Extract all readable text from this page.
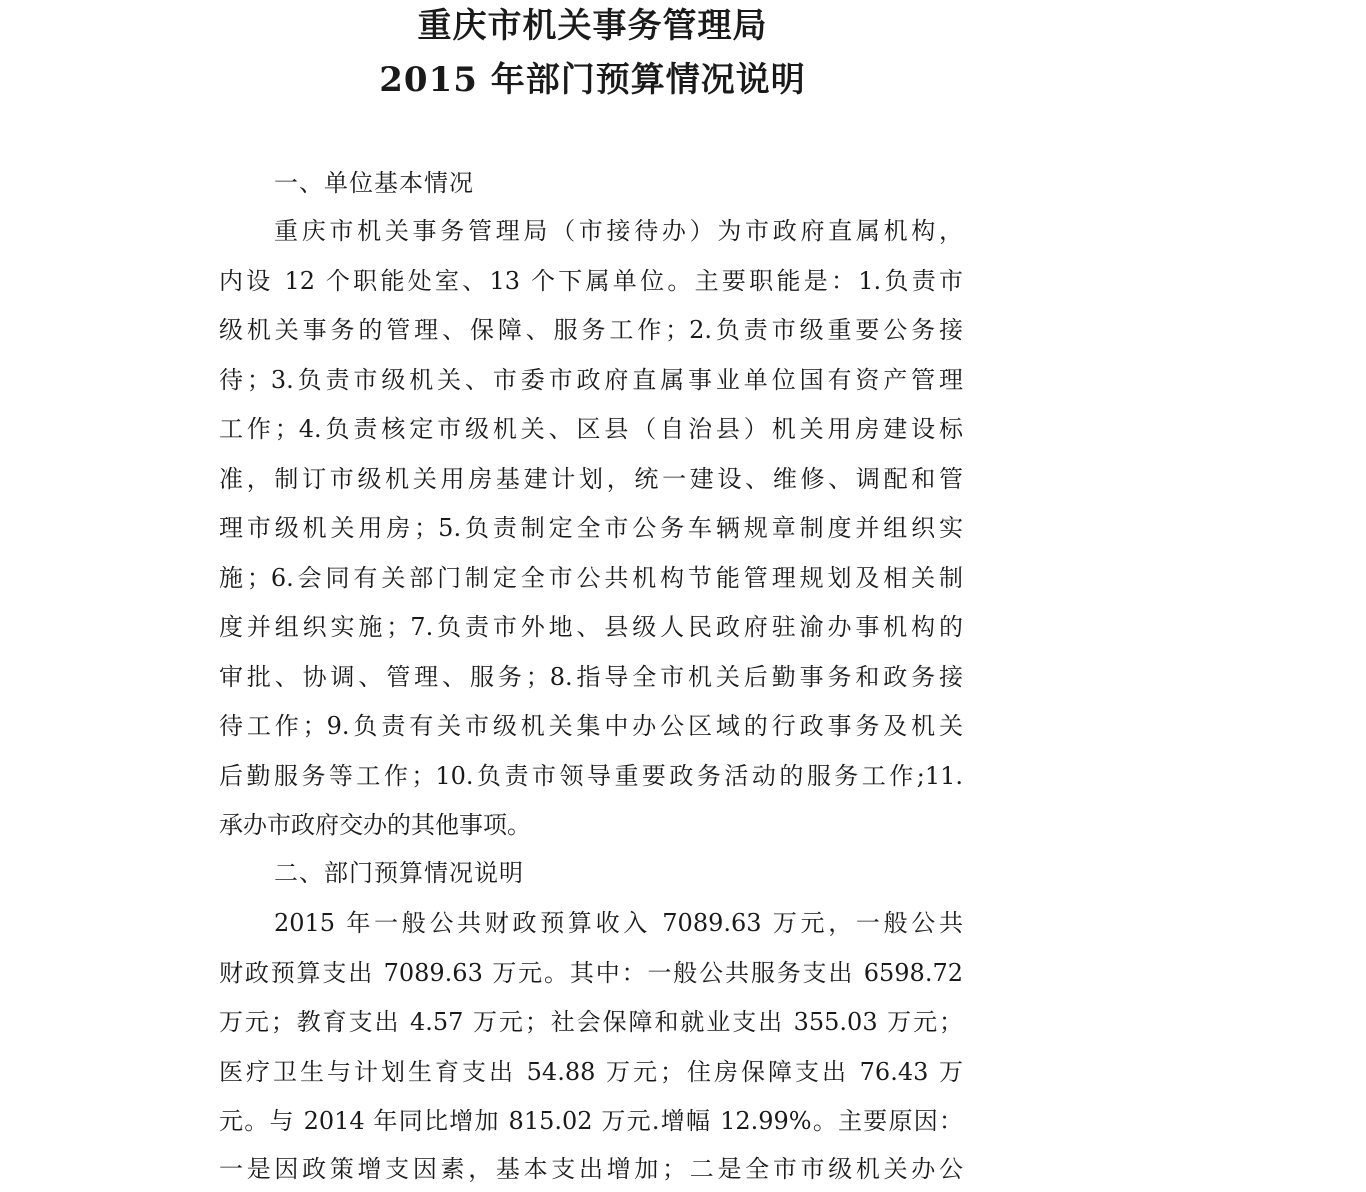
重庆市机关事务管理局
2015 年部门预算情况说明
一、单位基本情况
重庆市机关事务管理局（市接待办）为市政府直属机构，
内设 12 个职能处室、13 个下属单位。主要职能是：1.负责市
级机关事务的管理、保障、服务工作；2.负责市级重要公务接
待；3.负责市级机关、市委市政府直属事业单位国有资产管理
工作；4.负责核定市级机关、区县（自治县）机关用房建设标
准，制订市级机关用房基建计划，统一建设、维修、调配和管
理市级机关用房；5.负责制定全市公务车辆规章制度并组织实
施；6.会同有关部门制定全市公共机构节能管理规划及相关制
度并组织实施；7.负责市外地、县级人民政府驻渝办事机构的
审批、协调、管理、服务；8.指导全市机关后勤事务和政务接
待工作；9.负责有关市级机关集中办公区域的行政事务及机关
后勤服务等工作；10.负责市领导重要政务活动的服务工作;11.
承办市政府交办的其他事项。
二、部门预算情况说明
2015 年一般公共财政预算收入 7089.63 万元，一般公共
财政预算支出 7089.63 万元。其中：一般公共服务支出 6598.72
万元；教育支出 4.57 万元；社会保障和就业支出 355.03 万元；
医疗卫生与计划生育支出 54.88 万元；住房保障支出 76.43 万
元。与 2014 年同比增加 815.02 万元.增幅 12.99%。主要原因：
一是因政策增支因素，基本支出增加；二是全市市级机关办公
